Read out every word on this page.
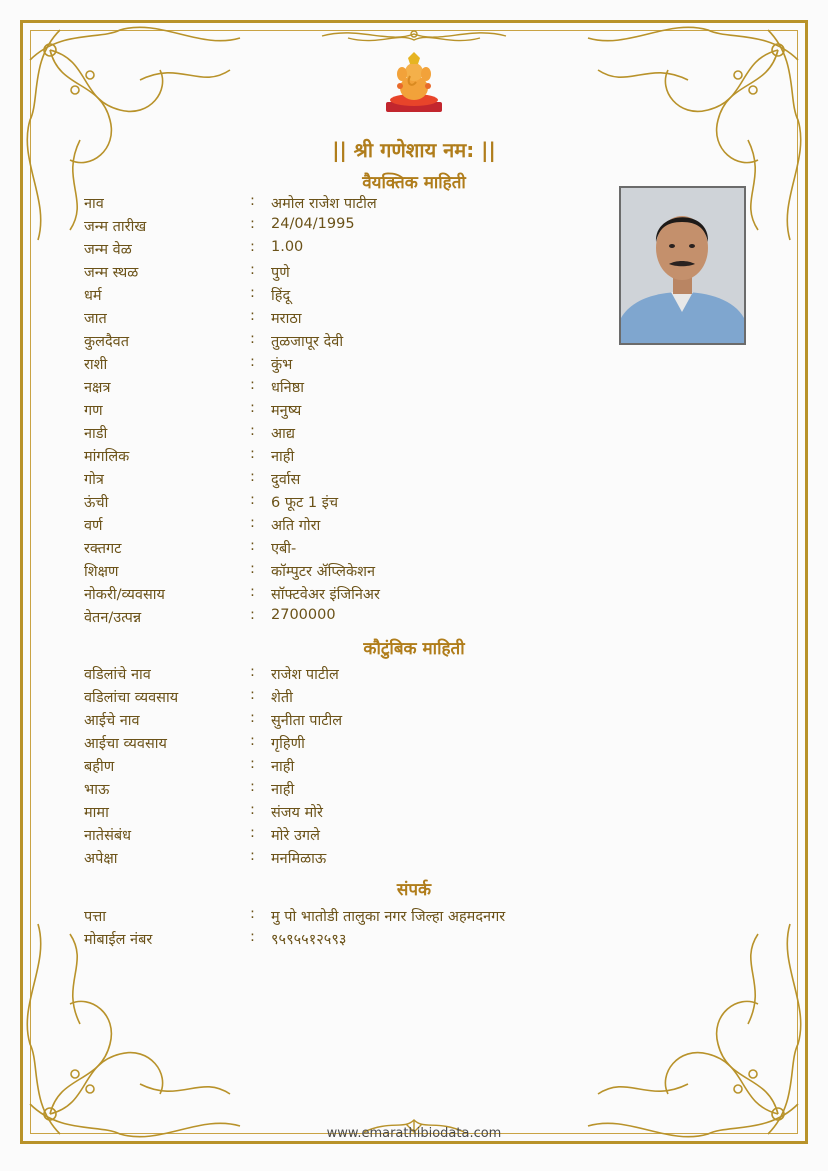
|| श्री गणेशाय नम: ||
वैयक्तिक माहिती
नाव	: अमोल राजेश पाटील
जन्म तारीख	: 24/04/1995
जन्म वेळ	: 1.00
जन्म स्थळ	: पुणे
धर्म	: हिंदू
जात	: मराठा
कुलदैवत	: तुळजापूर देवी
राशी	: कुंभ
नक्षत्र	: धनिष्ठा
गण	: मनुष्य
नाडी	: आद्य
मांगलिक	: नाही
गोत्र	: दुर्वास
ऊंची	: 6 फूट 1 इंच
वर्ण	: अति गोरा
रक्तगट	: एबी-
शिक्षण	: कॉम्पुटर ॲप्लिकेशन
नोकरी/व्यवसाय	: सॉफ्टवेअर इंजिनिअर
वेतन/उत्पन्न	: 2700000
कौटुंबिक माहिती
वडिलांचे नाव	: राजेश पाटील
वडिलांचा व्यवसाय	: शेती
आईचे नाव	: सुनीता पाटील
आईचा व्यवसाय	: गृहिणी
बहीण	: नाही
भाऊ	: नाही
मामा	: संजय मोरे
नातेसंबंध	: मोरे उगले
अपेक्षा	: मनमिळाऊ
संपर्क
पत्ता	: मु पो भातोडी तालुका नगर जिल्हा अहमदनगर
मोबाईल नंबर	: ९५९५५१२५९३
www.emarathibiodata.com
